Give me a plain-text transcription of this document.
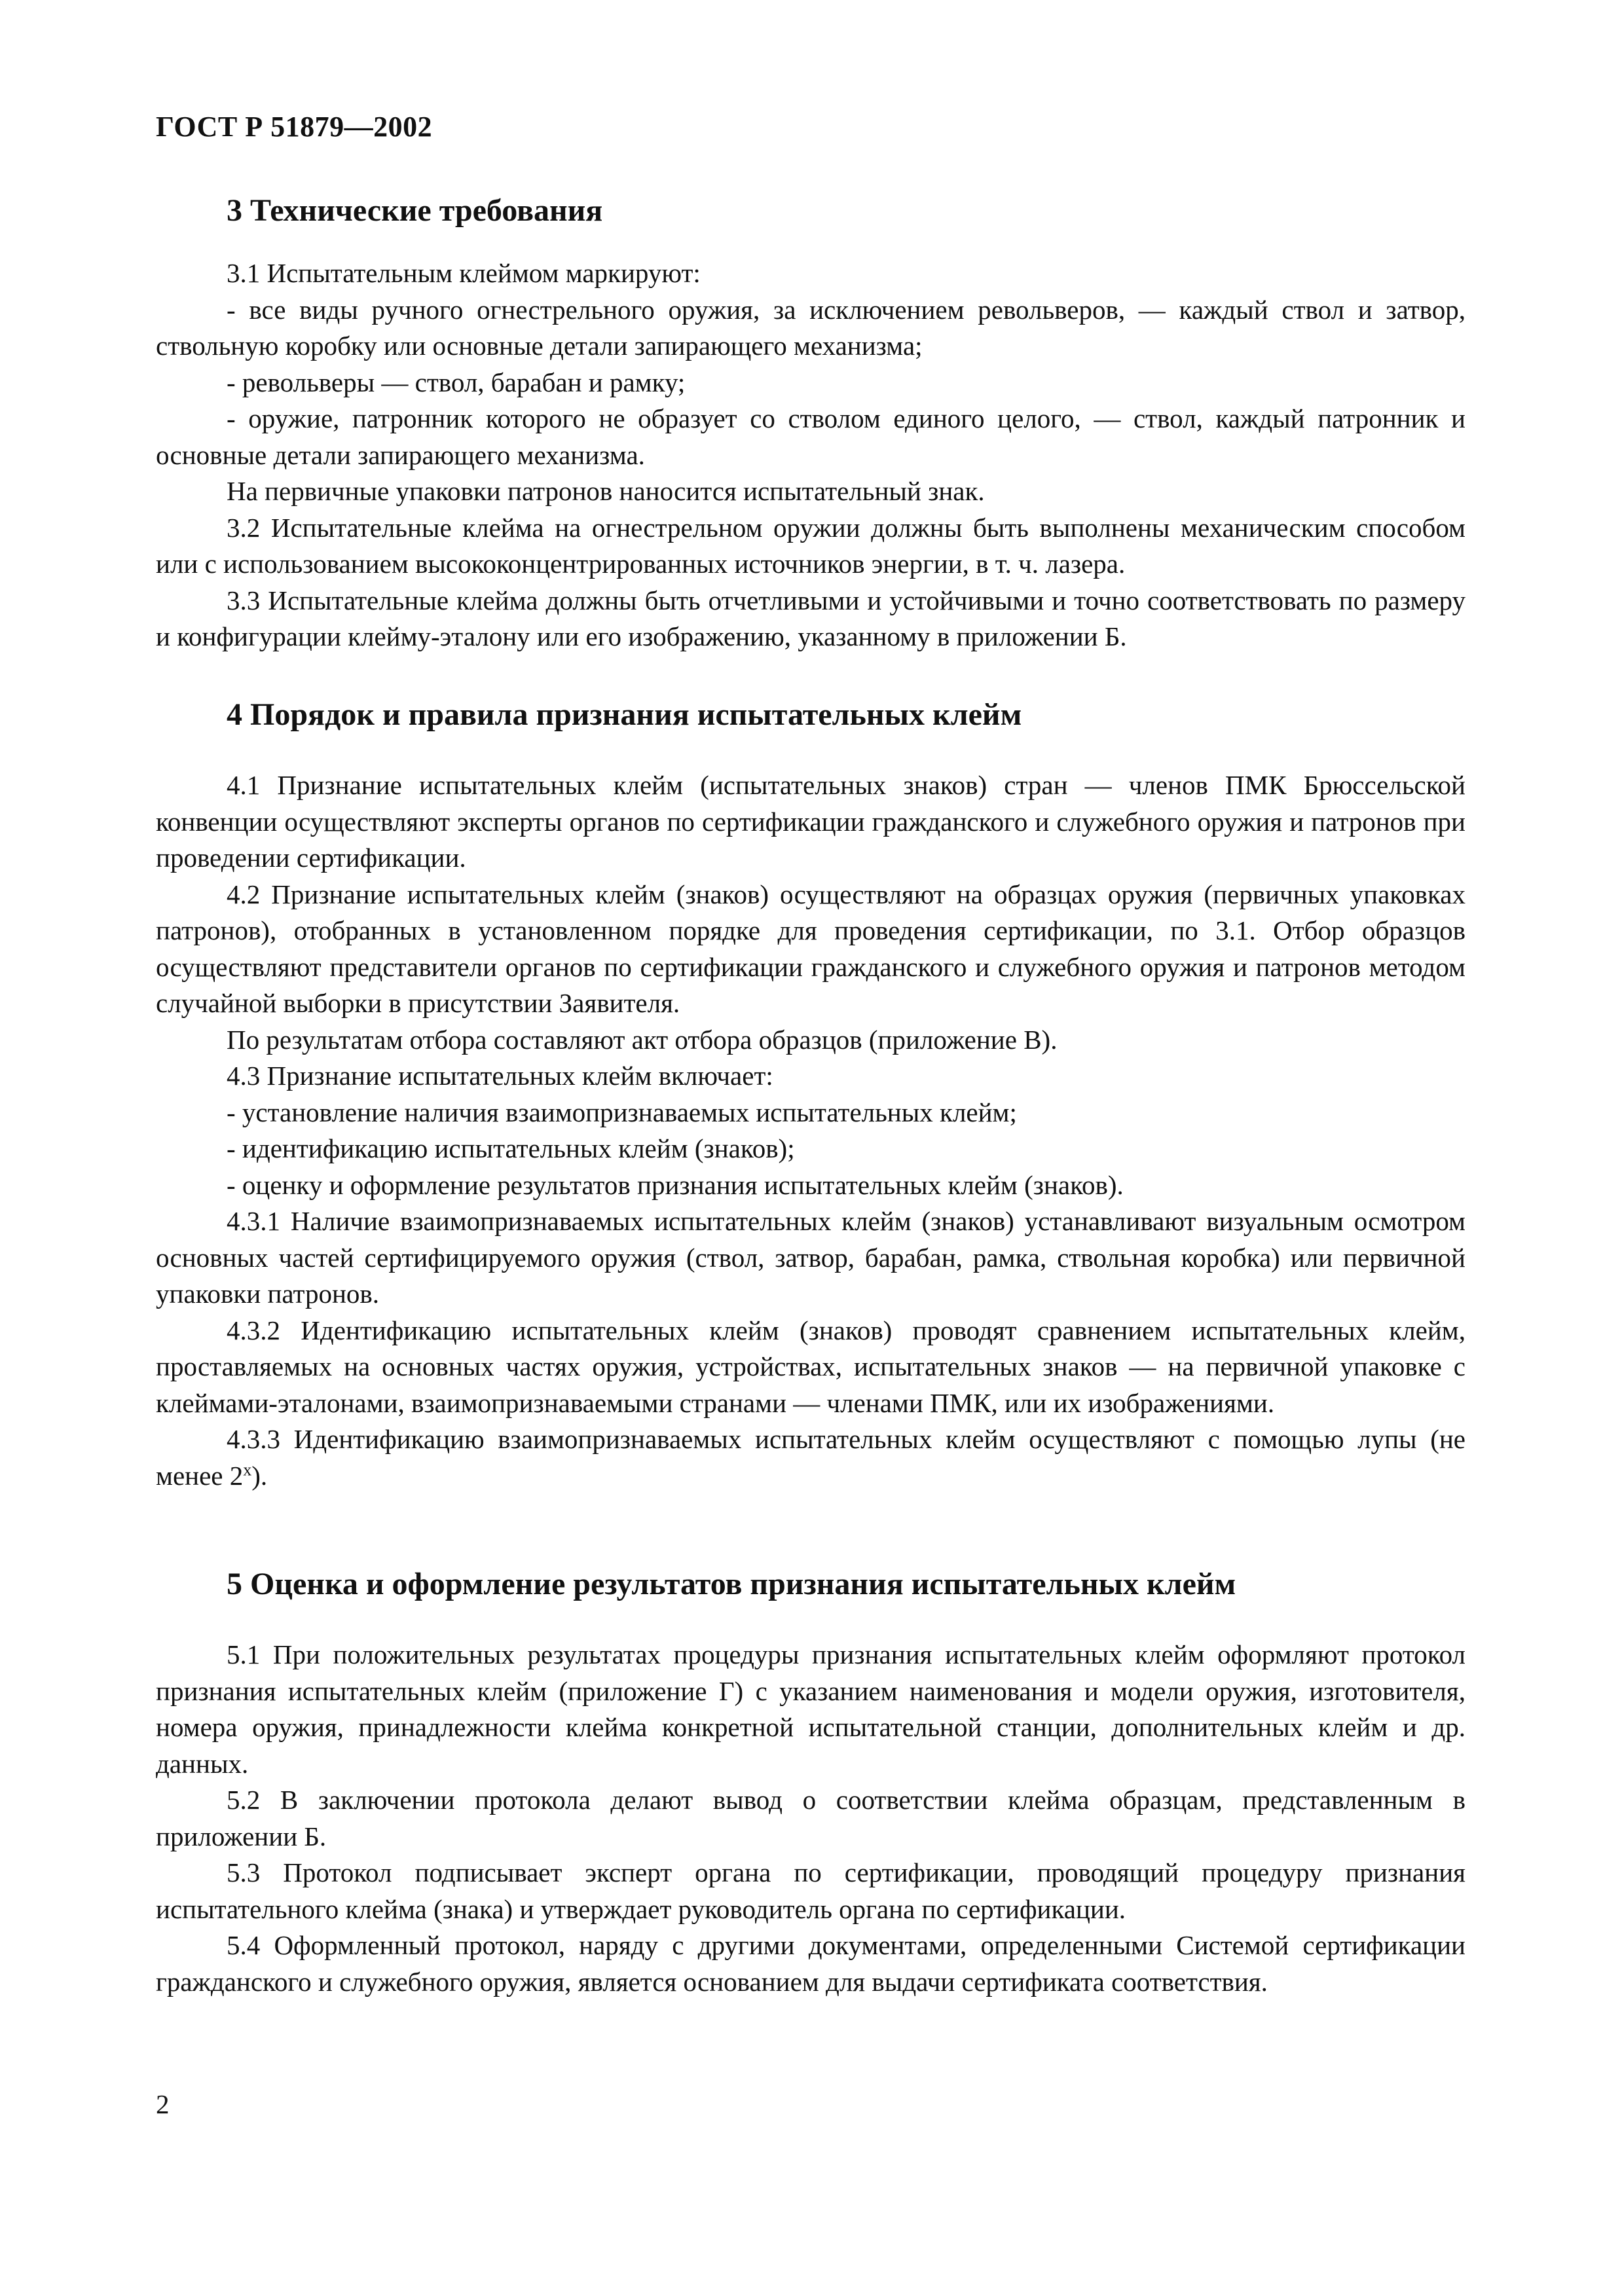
ГОСТ Р 51879—2002
3 Технические требования

3.1 Испытательным клеймом маркируют:

- все виды ручного огнестрельного оружия, за исключением револьверов, — каждый ствол и затвор, ствольную коробку или основные детали запирающего механизма;

- револьверы — ствол, барабан и рамку;

- оружие, патронник которого не образует со стволом единого целого, — ствол, каждый патронник и основные детали запирающего механизма.

На первичные упаковки патронов наносится испытательный знак.

3.2 Испытательные клейма на огнестрельном оружии должны быть выполнены механическим способом или с использованием высококонцентрированных источников энергии, в т. ч. лазера.

3.3 Испытательные клейма должны быть отчетливыми и устойчивыми и точно соответствовать по размеру и конфигурации клейму-эталону или его изображению, указанному в приложении Б.

4 Порядок и правила признания испытательных клейм

4.1 Признание испытательных клейм (испытательных знаков) стран — членов ПМК Брюссельской конвенции осуществляют эксперты органов по сертификации гражданского и служебного оружия и патронов при проведении сертификации.

4.2 Признание испытательных клейм (знаков) осуществляют на образцах оружия (первичных упаковках патронов), отобранных в установленном порядке для проведения сертификации, по 3.1. Отбор образцов осуществляют представители органов по сертификации гражданского и служебного оружия и патронов методом случайной выборки в присутствии Заявителя.

По результатам отбора составляют акт отбора образцов (приложение В).

4.3 Признание испытательных клейм включает:

- установление наличия взаимопризнаваемых испытательных клейм;

- идентификацию испытательных клейм (знаков);

- оценку и оформление результатов признания испытательных клейм (знаков).

4.3.1 Наличие взаимопризнаваемых испытательных клейм (знаков) устанавливают визуальным осмотром основных частей сертифицируемого оружия (ствол, затвор, барабан, рамка, ствольная коробка) или первичной упаковки патронов.

4.3.2 Идентификацию испытательных клейм (знаков) проводят сравнением испытательных клейм, проставляемых на основных частях оружия, устройствах, испытательных знаков — на первичной упаковке с клеймами-эталонами, взаимопризнаваемыми странами — членами ПМК, или их изображениями.

4.3.3 Идентификацию взаимопризнаваемых испытательных клейм осуществляют с помощью лупы (не менее $2^х$).

5 Оценка и оформление результатов признания испытательных клейм

5.1 При положительных результатах процедуры признания испытательных клейм оформляют протокол признания испытательных клейм (приложение Г) с указанием наименования и модели оружия, изготовителя, номера оружия, принадлежности клейма конкретной испытательной станции, дополнительных клейм и др. данных.

5.2 В заключении протокола делают вывод о соответствии клейма образцам, представленным в приложении Б.

5.3 Протокол подписывает эксперт органа по сертификации, проводящий процедуру признания испытательного клейма (знака) и утверждает руководитель органа по сертификации.

5.4 Оформленный протокол, наряду с другими документами, определенными Системой сертификации гражданского и служебного оружия, является основанием для выдачи сертификата соответствия.

2
